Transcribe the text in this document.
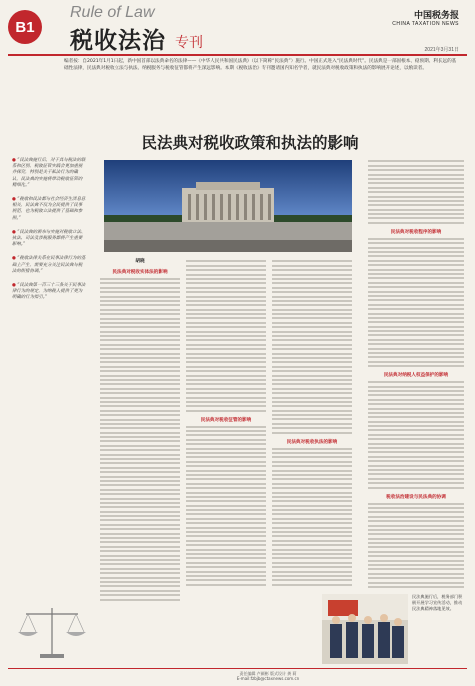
B1
Rule of Law
税收法治 专刊
中国税务报
CHINA TAXATION NEWS
2021年3月31日
编者按：自2021年1月1日起，新中国首部以法典命名的法律——《中华人民共和国民法典》（以下简称“民法典”）施行。中国正式进入“民法典时代”。民法典是一部固根本、稳预期、利长远的基础性法律，民法典对税收立法与执法、纳税服务与税收征管都将产生深远影响。本期《税收法治》专刊邀请国内知名学者，就民法典对税收政策和执法的影响展开论述，以飨读者。
民法典对税收政策和执法的影响
● “民法典施行后，对于其与税法的联系和区别，税收征管实践会更加重视并探究，特别是关于私法行为的确认，民法典的实施将带动税收征管的精细化。”
● “税收和民法都与社会经济生活息息相关，民法典不仅为全民提供了民事规范，也为税收立法提供了基础和参照。”
● “民法典的颁布与实施对税收立法、执法、司法及涉税服务都将产生重要影响。”
● “税收法律关系在民事法律行为的基础上产生，需要充分关注民法典与税法的衔接协调。”
● “民法典第一百三十三条关于民事法律行为的规定，为纳税人提供了更为明确的行为指引。”
胡晓
民法典对税收实体法的影响
民法典对税收征管的影响
民法典对税收执法的影响
民法典对税收程序的影响
民法典对纳税人权益保护的影响
税收法治建设与民法典的协调
民法典施行后，税务部门积极开展学习宣传活动，推动民法典精神落地见效。
责任编辑 卢颜彬 版式设计 龚 莉
E-mail:fzbjb@ctaxnews.com.cn
